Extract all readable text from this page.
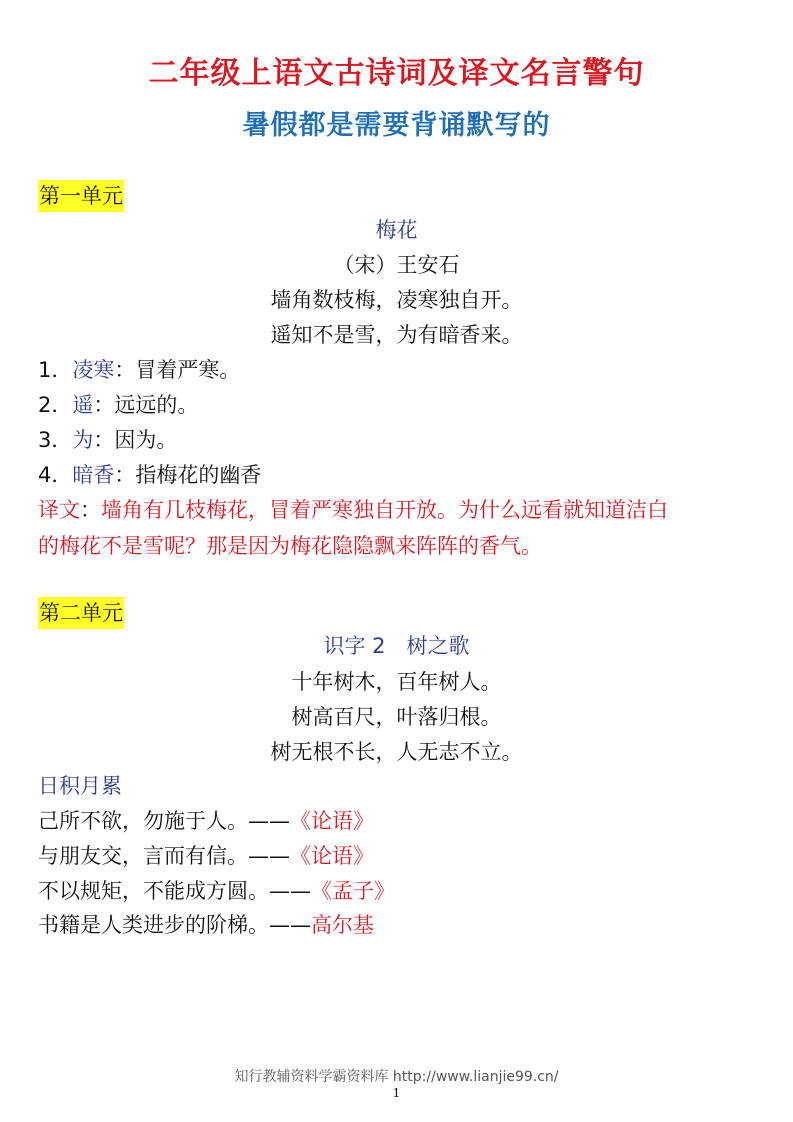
二年级上语文古诗词及译文名言警句
暑假都是需要背诵默写的
第一单元
梅花
（宋）王安石
墙角数枝梅，凌寒独自开。
遥知不是雪，为有暗香来。
1．凌寒：冒着严寒。
2．遥：远远的。
3．为：因为。
4．暗香：指梅花的幽香
译文：墙角有几枝梅花，冒着严寒独自开放。为什么远看就知道洁白
的梅花不是雪呢？那是因为梅花隐隐飘来阵阵的香气。
第二单元
识字 2　树之歌
十年树木，百年树人。
树高百尺，叶落归根。
树无根不长，人无志不立。
日积月累
己所不欲，勿施于人。——《论语》
与朋友交，言而有信。——《论语》
不以规矩，不能成方圆。——《孟子》
书籍是人类进步的阶梯。——高尔基
知行教辅资料学霸资料库 http://www.lianjie99.cn/
1
